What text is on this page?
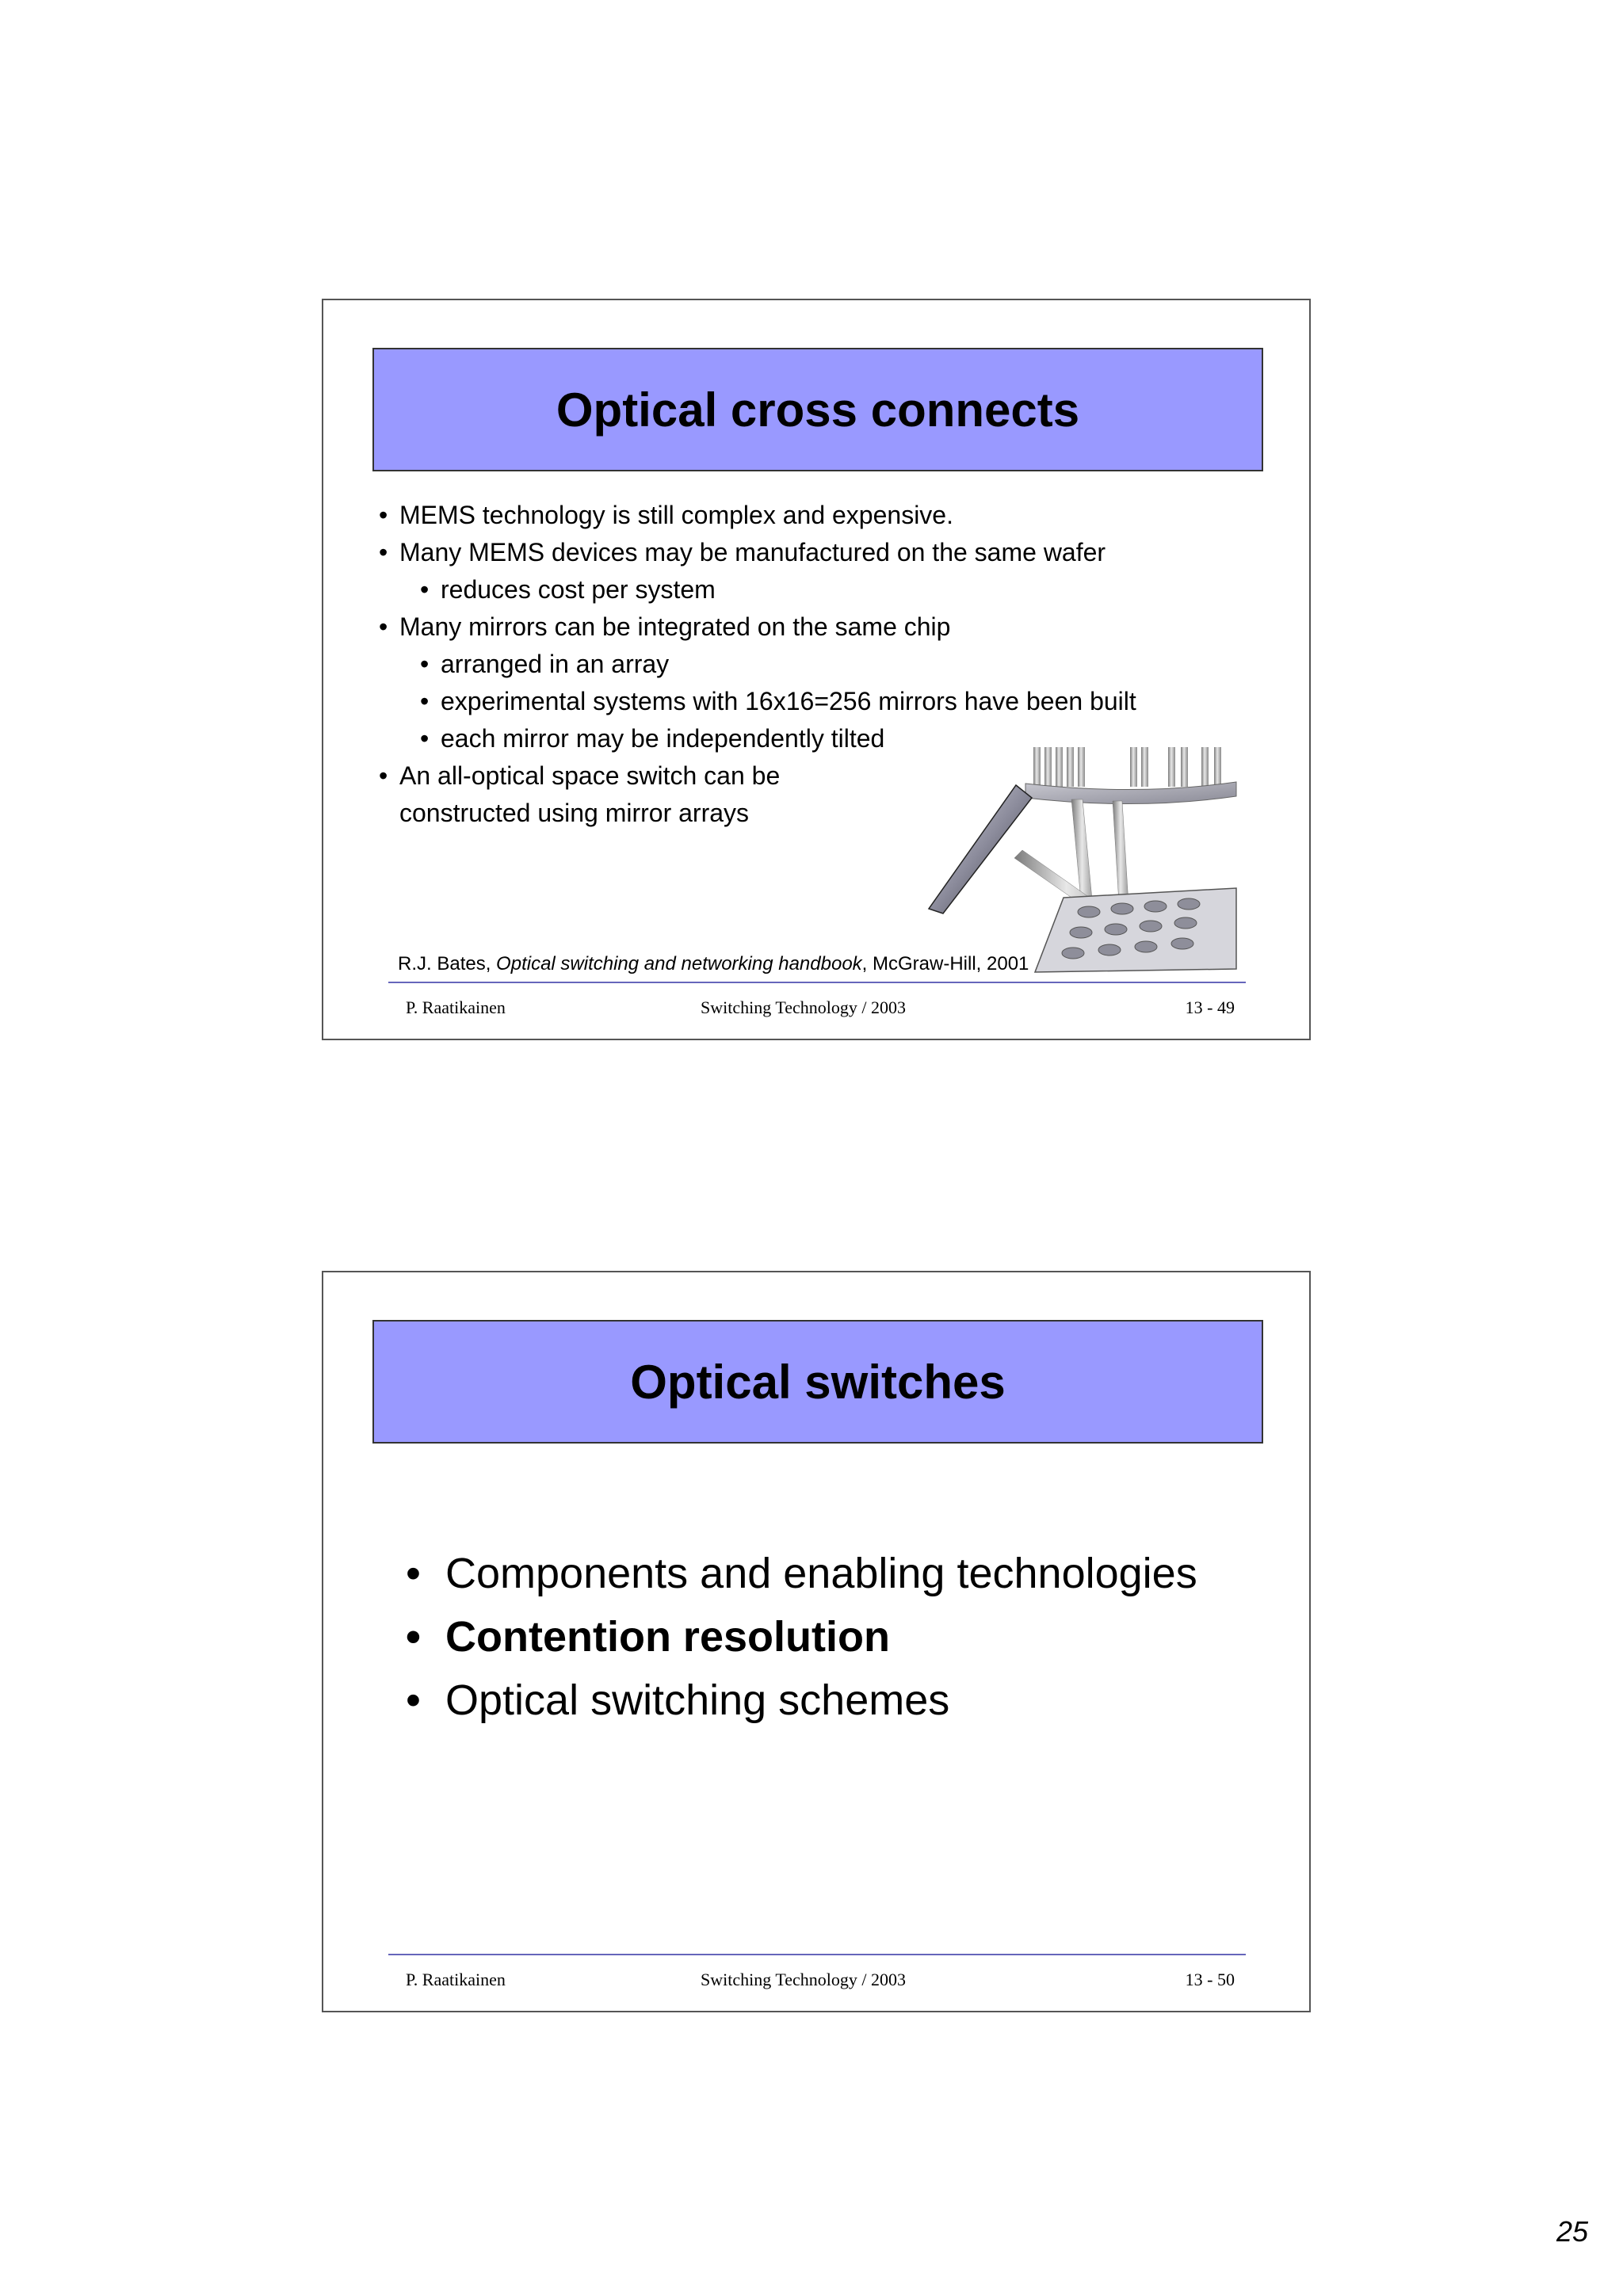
Optical cross connects
• MEMS technology is still complex and expensive.
• Many MEMS devices may be manufactured on the same wafer
• reduces cost per system
• Many mirrors can be integrated on the same chip
• arranged in an array
• experimental systems with 16x16=256 mirrors have been built
• each mirror may be independently tilted
• An all-optical space switch can be
constructed using mirror arrays
R.J. Bates, Optical switching and networking handbook, McGraw-Hill, 2001
P. Raatikainen	Switching Technology / 2003	13 - 49
Optical switches
• Components and enabling technologies
• Contention resolution
• Optical switching schemes
P. Raatikainen	Switching Technology / 2003	13 - 50
25
